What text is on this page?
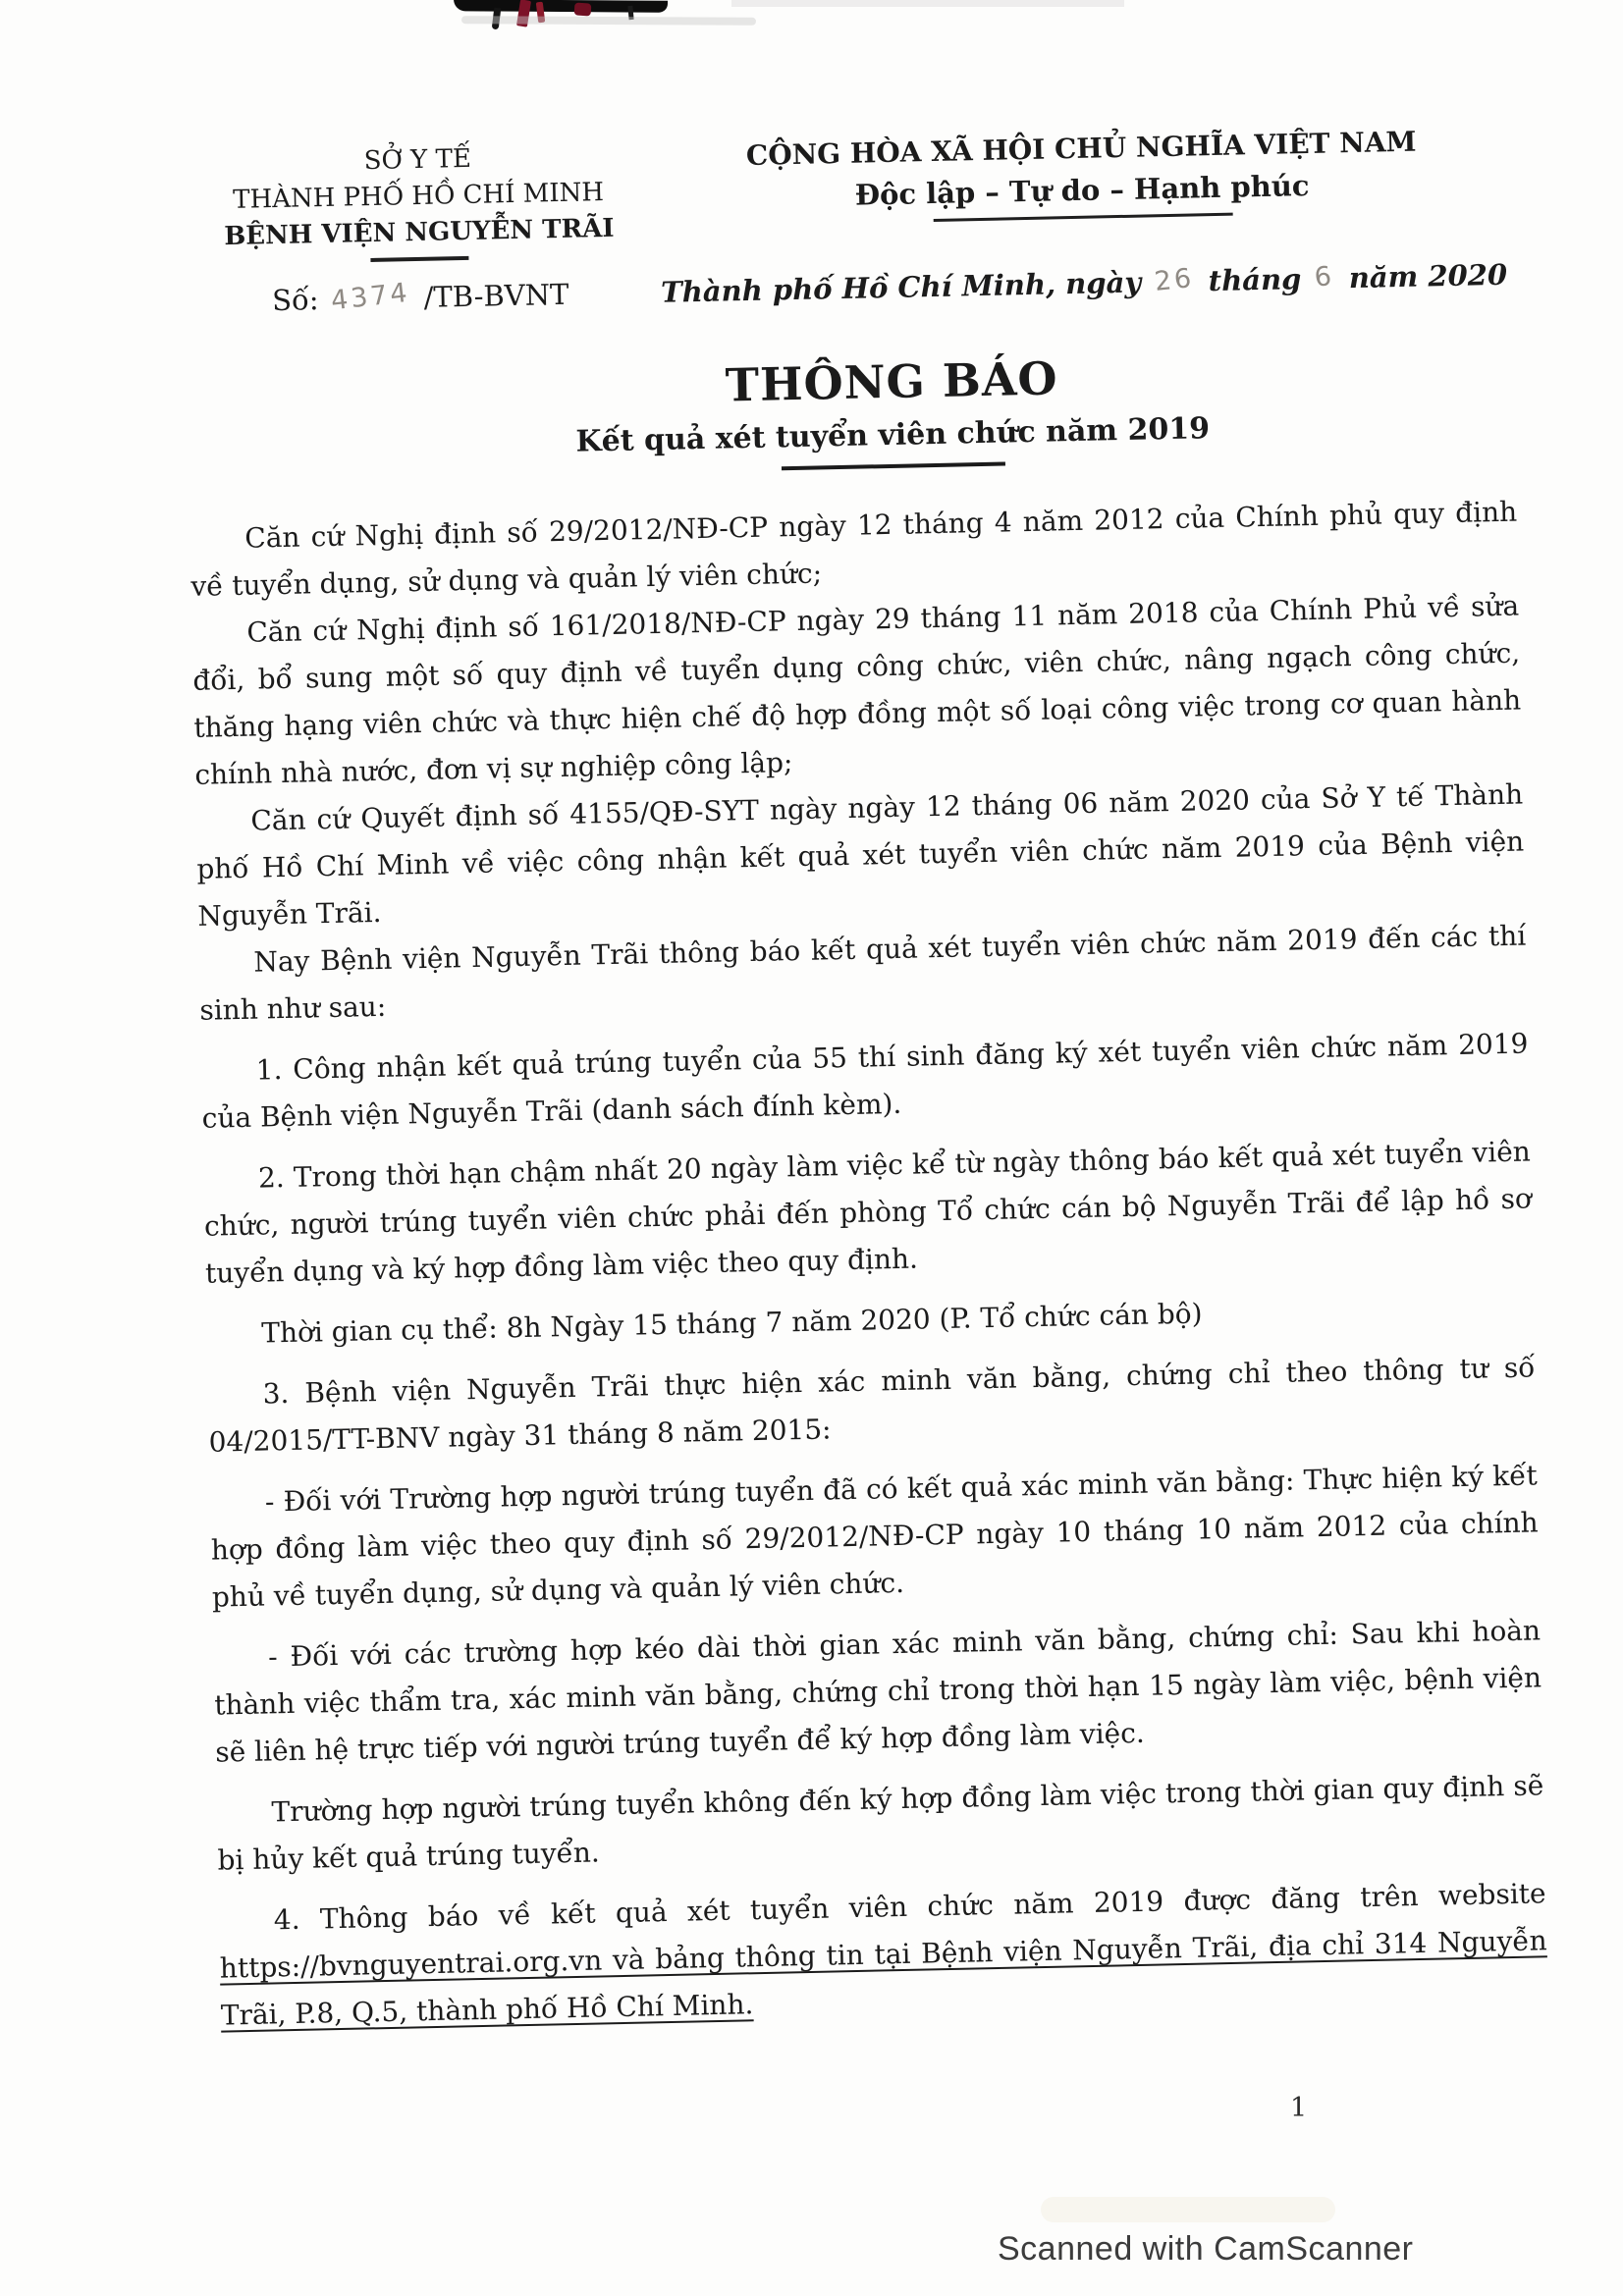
SỞ Y TẾ
THÀNH PHỐ HỒ CHÍ MINH
BỆNH VIỆN NGUYỄN TRÃI
CỘNG HÒA XÃ HỘI CHỦ NGHĨA VIỆT NAM
Độc lập – Tự do – Hạnh phúc
Số: 4374 /TB-BVNT	Thành phố Hồ Chí Minh, ngày 26 tháng 6 năm 2020
THÔNG BÁO
Kết quả xét tuyển viên chức năm 2019

Căn cứ Nghị định số 29/2012/NĐ-CP ngày 12 tháng 4 năm 2012 của Chính phủ quy định về tuyển dụng, sử dụng và quản lý viên chức;

Căn cứ Nghị định số 161/2018/NĐ-CP ngày 29 tháng 11 năm 2018 của Chính Phủ về sửa đổi, bổ sung một số quy định về tuyển dụng công chức, viên chức, nâng ngạch công chức, thăng hạng viên chức và thực hiện chế độ hợp đồng một số loại công việc trong cơ quan hành chính nhà nước, đơn vị sự nghiệp công lập;

Căn cứ Quyết định số 4155/QĐ-SYT ngày ngày 12 tháng 06 năm 2020 của Sở Y tế Thành phố Hồ Chí Minh về việc công nhận kết quả xét tuyển viên chức năm 2019 của Bệnh viện Nguyễn Trãi.

Nay Bệnh viện Nguyễn Trãi thông báo kết quả xét tuyển viên chức năm 2019 đến các thí sinh như sau:

1. Công nhận kết quả trúng tuyển của 55 thí sinh đăng ký xét tuyển viên chức năm 2019 của Bệnh viện Nguyễn Trãi (danh sách đính kèm).

2. Trong thời hạn chậm nhất 20 ngày làm việc kể từ ngày thông báo kết quả xét tuyển viên chức, người trúng tuyển viên chức phải đến phòng Tổ chức cán bộ Nguyễn Trãi để lập hồ sơ tuyển dụng và ký hợp đồng làm việc theo quy định.

Thời gian cụ thể: 8h Ngày 15 tháng 7 năm 2020 (P. Tổ chức cán bộ)

3. Bệnh viện Nguyễn Trãi thực hiện xác minh văn bằng, chứng chỉ theo thông tư số 04/2015/TT-BNV ngày 31 tháng 8 năm 2015:

- Đối với Trường hợp người trúng tuyển đã có kết quả xác minh văn bằng: Thực hiện ký kết hợp đồng làm việc theo quy định số 29/2012/NĐ-CP ngày 10 tháng 10 năm 2012 của chính phủ về tuyển dụng, sử dụng và quản lý viên chức.

- Đối với các trường hợp kéo dài thời gian xác minh văn bằng, chứng chỉ: Sau khi hoàn thành việc thẩm tra, xác minh văn bằng, chứng chỉ trong thời hạn 15 ngày làm việc, bệnh viện sẽ liên hệ trực tiếp với người trúng tuyển để ký hợp đồng làm việc.

Trường hợp người trúng tuyển không đến ký hợp đồng làm việc trong thời gian quy định sẽ bị hủy kết quả trúng tuyển.

4. Thông báo về kết quả xét tuyển viên chức năm 2019 được đăng trên website https://bvnguyentrai.org.vn và bảng thông tin tại Bệnh viện Nguyễn Trãi, địa chỉ 314 Nguyễn Trãi, P.8, Q.5, thành phố Hồ Chí Minh.

1
Scanned with CamScanner
